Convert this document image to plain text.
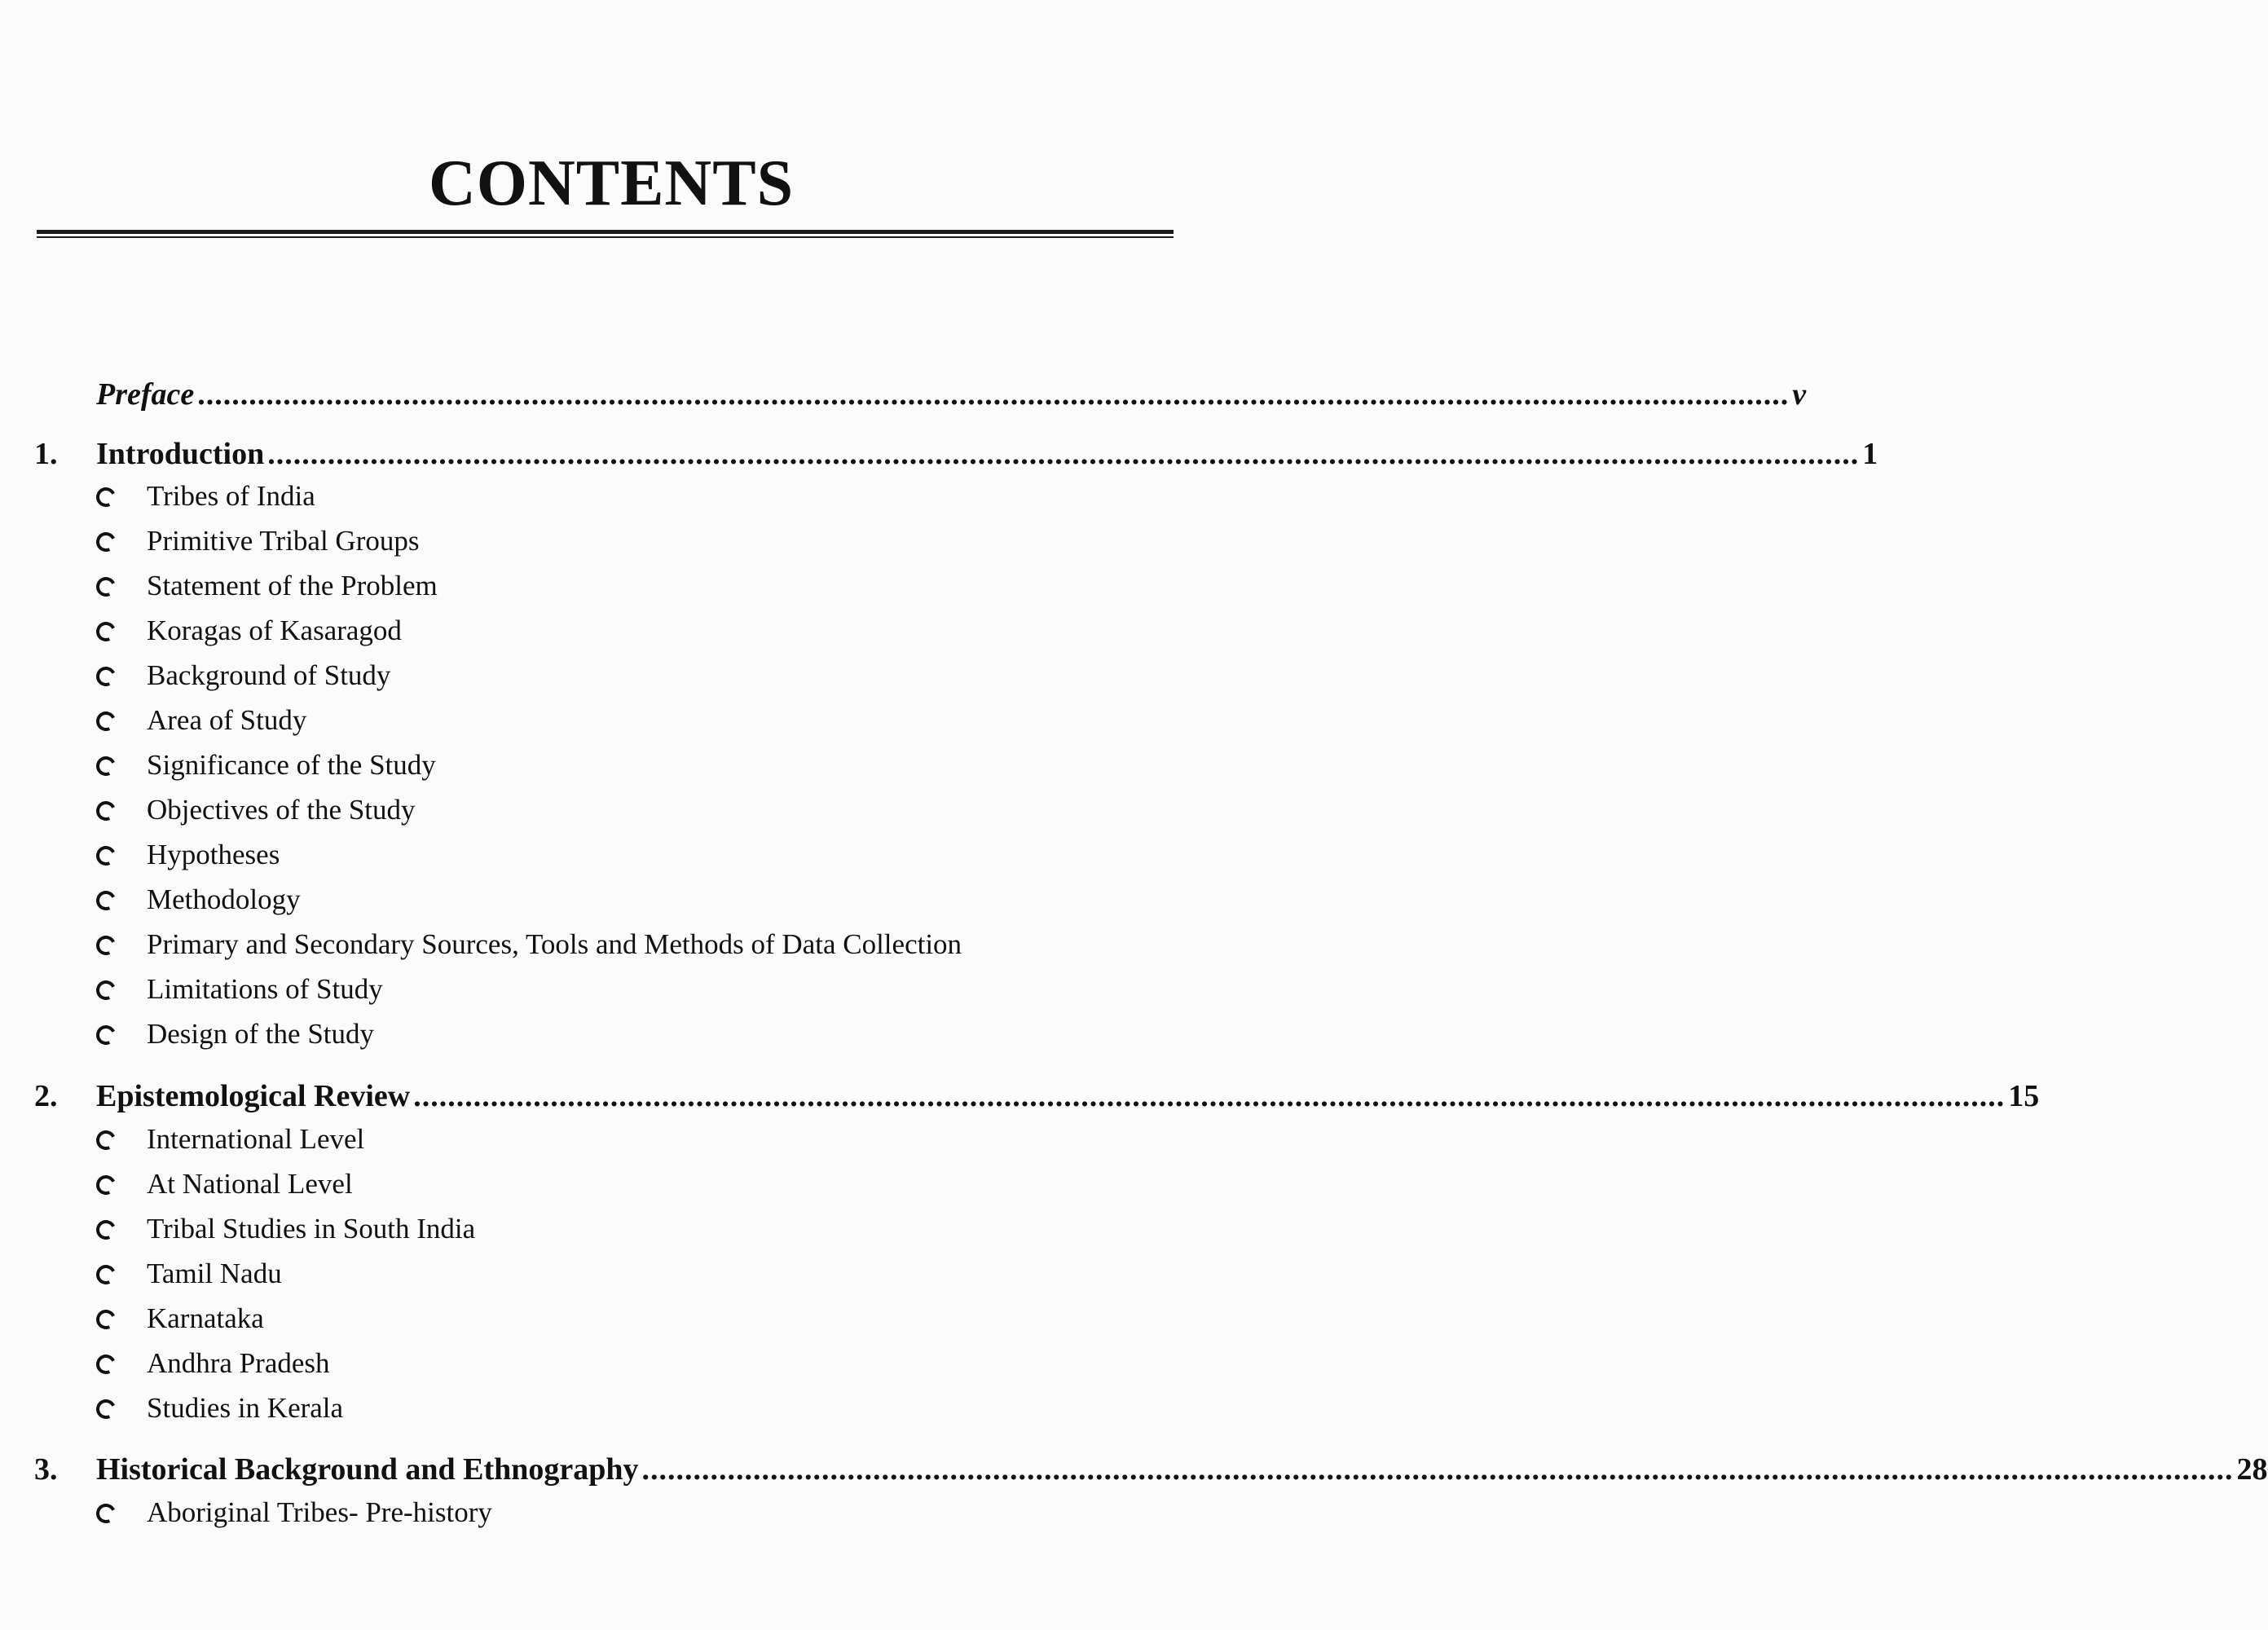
CONTENTS
Preface .......................................................................................................................................................................................... v
1. Introduction .......................................................................................................................................................................................... 1
Tribes of India
Primitive Tribal Groups
Statement of the Problem
Koragas of Kasaragod
Background of Study
Area of Study
Significance of the Study
Objectives of the Study
Hypotheses
Methodology
Primary and Secondary Sources, Tools and Methods of Data Collection
Limitations of Study
Design of the Study
2. Epistemological Review .......................................................................................................................................................................................... 15
International Level
At National Level
Tribal Studies in South India
Tamil Nadu
Karnataka
Andhra Pradesh
Studies in Kerala
3. Historical Background and Ethnography .......................................................................................................................................................................................... 28
Aboriginal Tribes- Pre-history
